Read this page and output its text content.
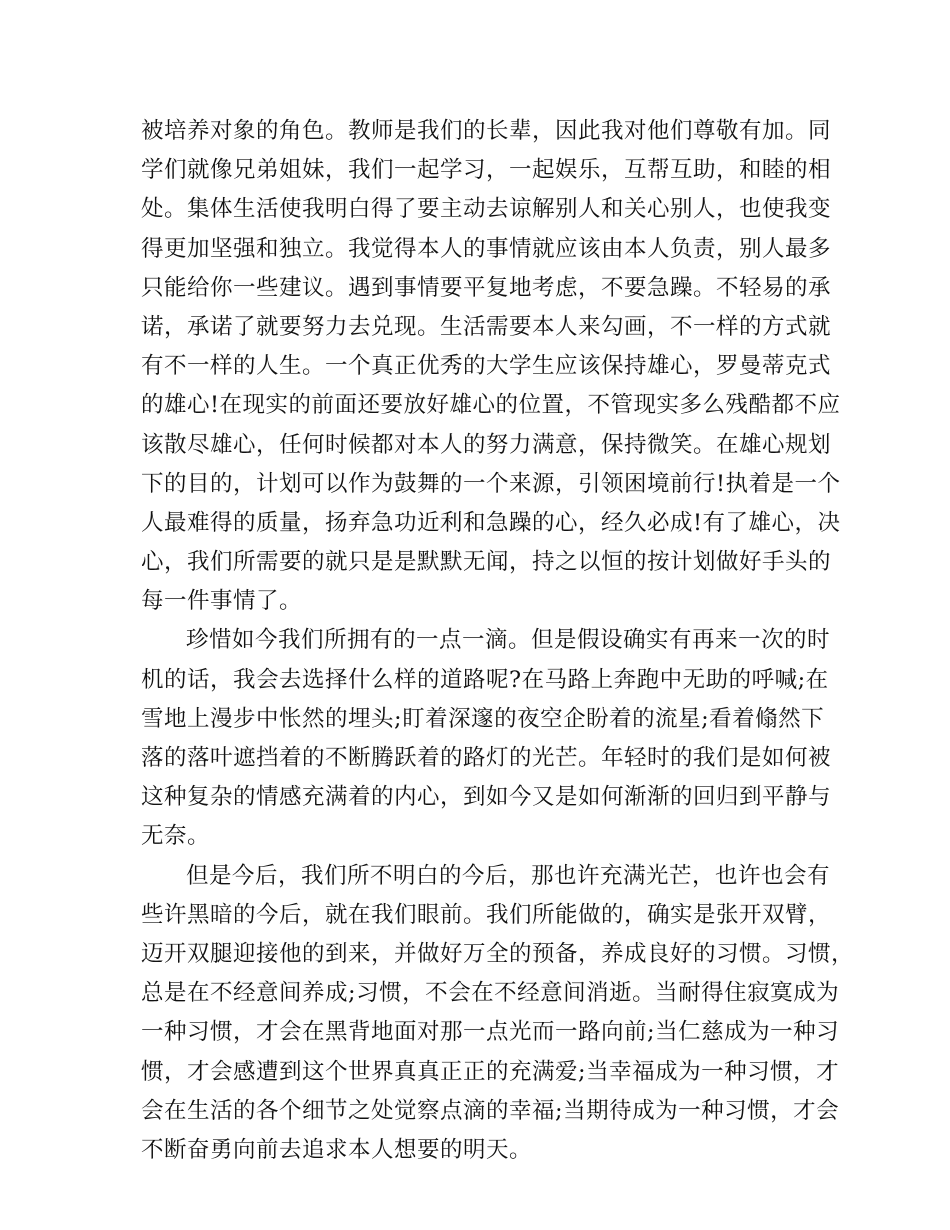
被培养对象的角色。教师是我们的长辈，因此我对他们尊敬有加。同
学们就像兄弟姐妹，我们一起学习，一起娱乐，互帮互助，和睦的相
处。集体生活使我明白得了要主动去谅解别人和关心别人，也使我变
得更加坚强和独立。我觉得本人的事情就应该由本人负责，别人最多
只能给你一些建议。遇到事情要平复地考虑，不要急躁。不轻易的承
诺，承诺了就要努力去兑现。生活需要本人来勾画，不一样的方式就
有不一样的人生。一个真正优秀的大学生应该保持雄心，罗曼蒂克式
的雄心!在现实的前面还要放好雄心的位置，不管现实多么残酷都不应
该散尽雄心，任何时候都对本人的努力满意，保持微笑。在雄心规划
下的目的，计划可以作为鼓舞的一个来源，引领困境前行!执着是一个
人最难得的质量，扬弃急功近利和急躁的心，经久必成!有了雄心，决
心，我们所需要的就只是是默默无闻，持之以恒的按计划做好手头的
每一件事情了。
珍惜如今我们所拥有的一点一滴。但是假设确实有再来一次的时
机的话，我会去选择什么样的道路呢?在马路上奔跑中无助的呼喊;在
雪地上漫步中怅然的埋头;盯着深邃的夜空企盼着的流星;看着翛然下
落的落叶遮挡着的不断腾跃着的路灯的光芒。年轻时的我们是如何被
这种复杂的情感充满着的内心，到如今又是如何渐渐的回归到平静与
无奈。
但是今后，我们所不明白的今后，那也许充满光芒，也许也会有
些许黑暗的今后，就在我们眼前。我们所能做的，确实是张开双臂，
迈开双腿迎接他的到来，并做好万全的预备，养成良好的习惯。习惯，
总是在不经意间养成;习惯，不会在不经意间消逝。当耐得住寂寞成为
一种习惯，才会在黑背地面对那一点光而一路向前;当仁慈成为一种习
惯，才会感遭到这个世界真真正正的充满爱;当幸福成为一种习惯，才
会在生活的各个细节之处觉察点滴的幸福;当期待成为一种习惯，才会
不断奋勇向前去追求本人想要的明天。
